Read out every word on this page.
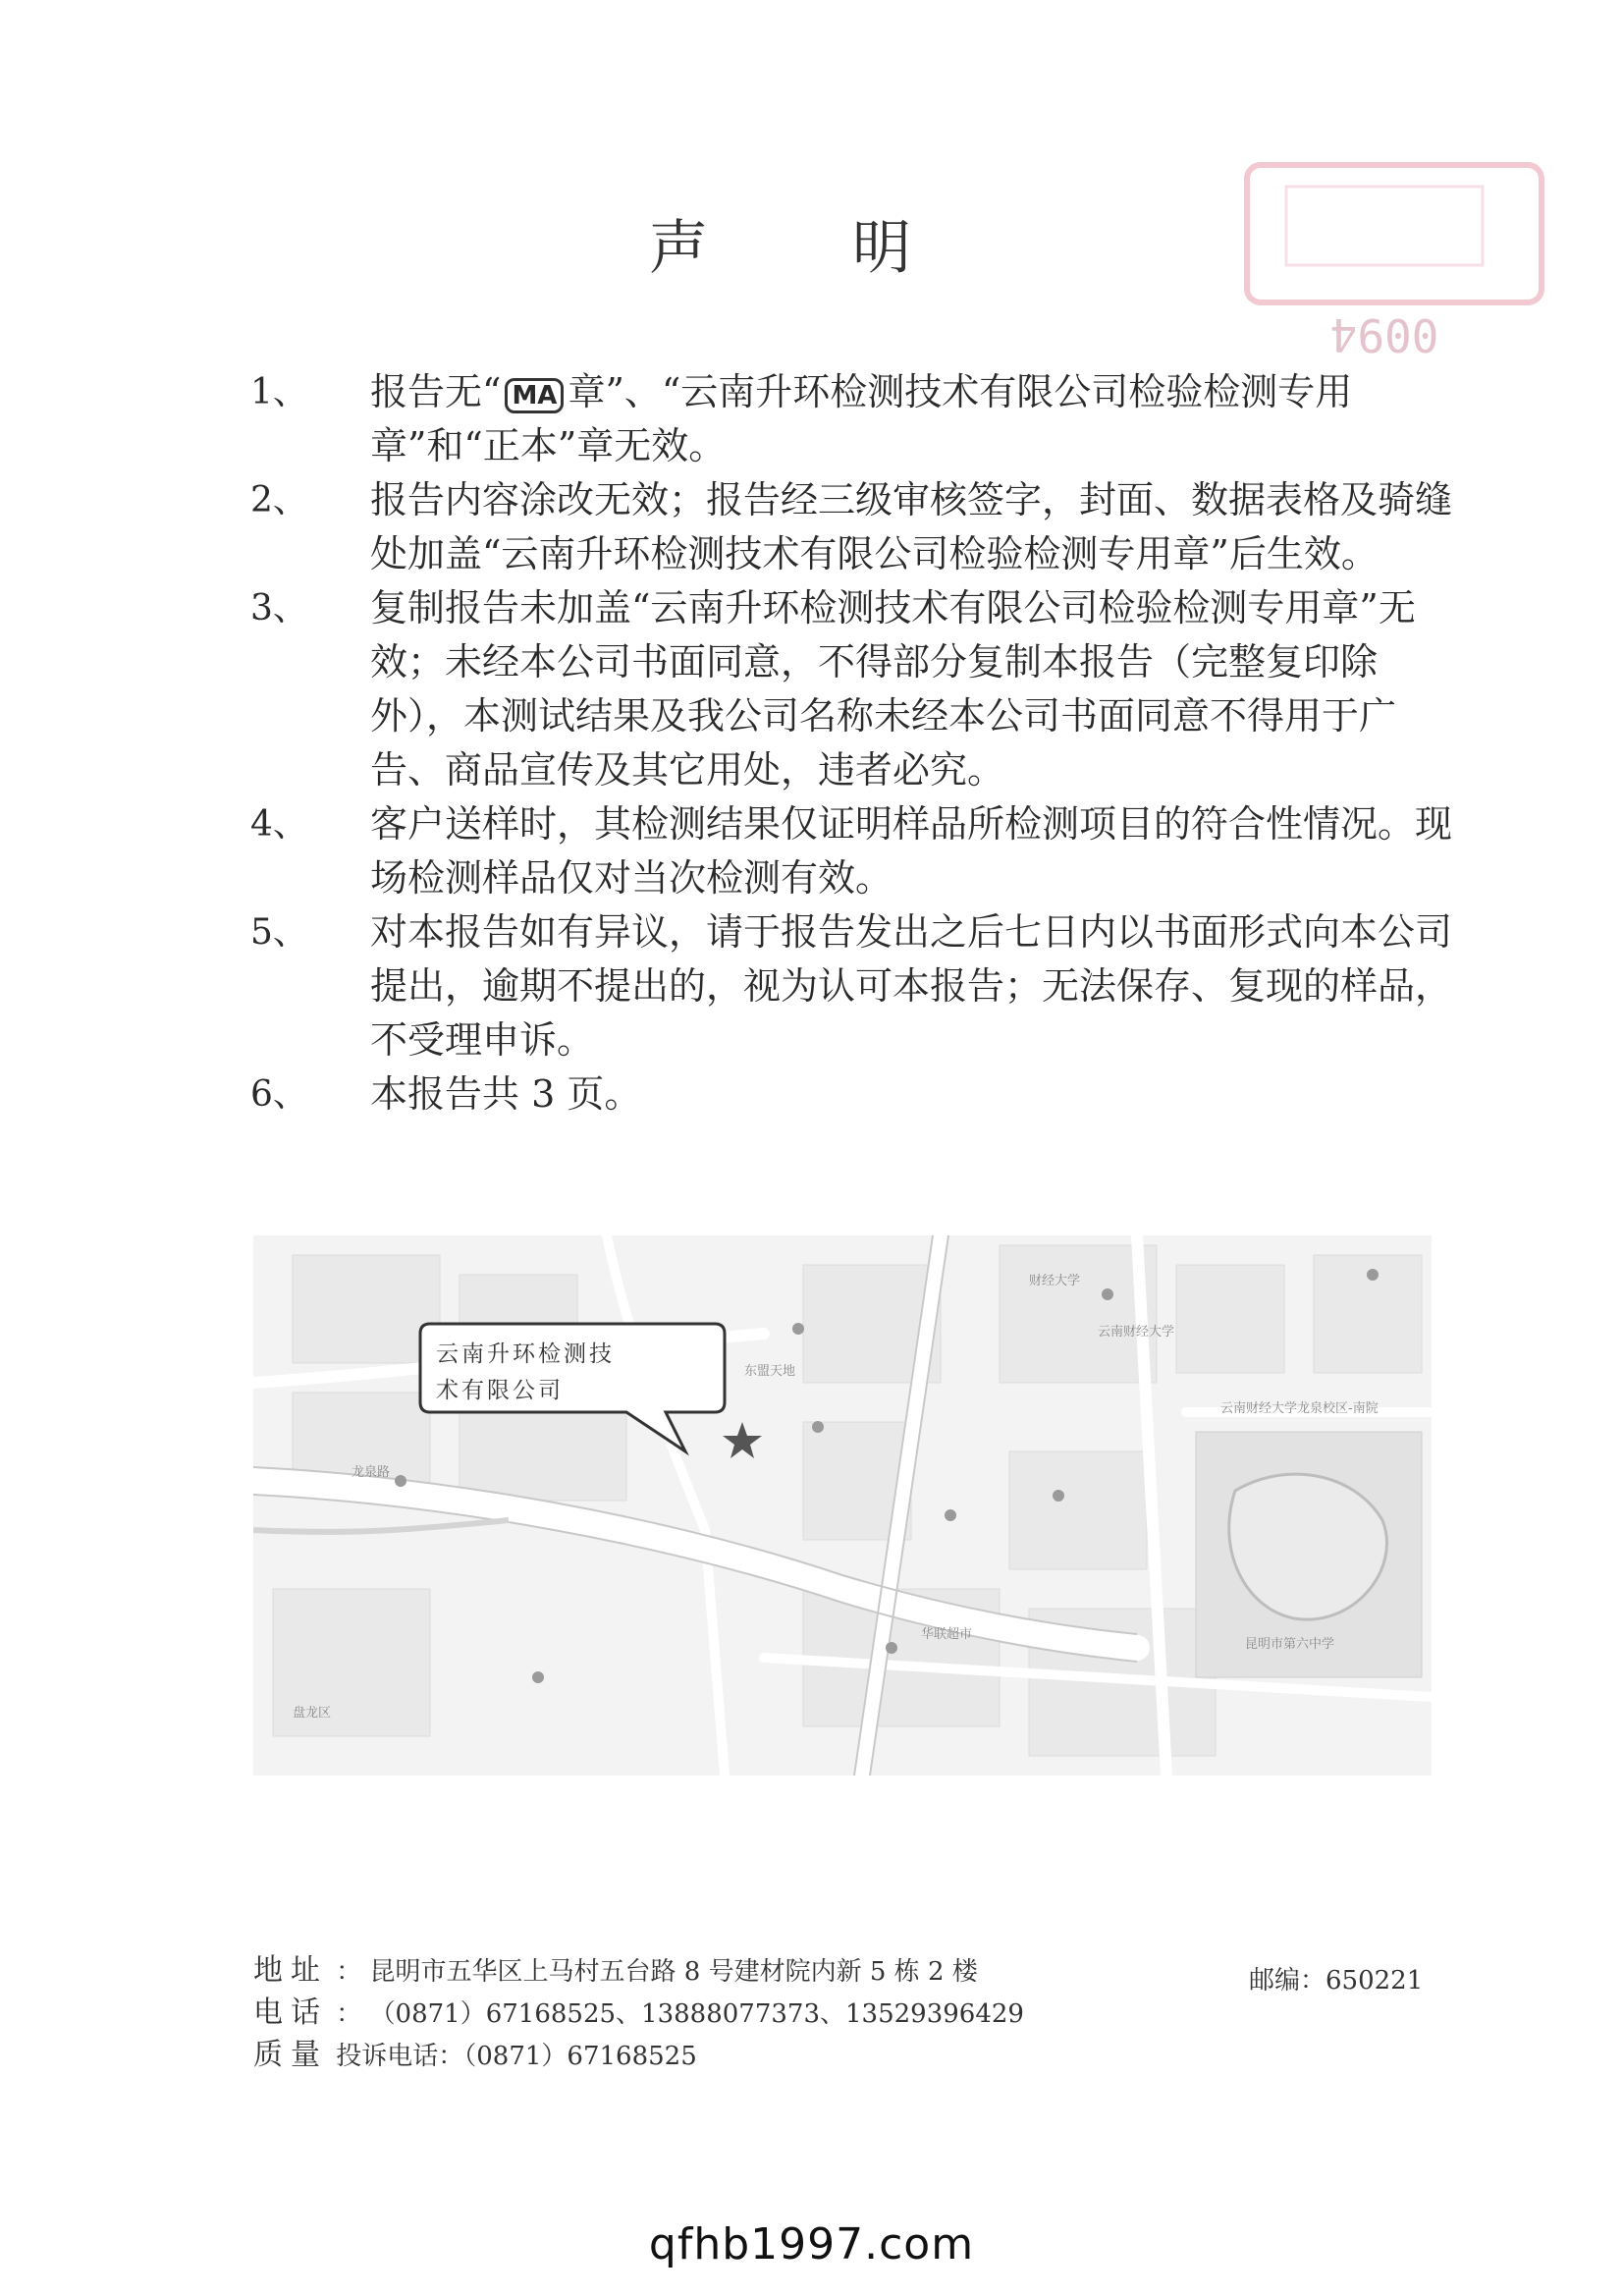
0094
声 明
1、 报告无“ MA 章”、“云南升环检测技术有限公司检验检测专用章”和“正本”章无效。
2、 报告内容涂改无效；报告经三级审核签字，封面、数据表格及骑缝处加盖“云南升环检测技术有限公司检验检测专用章”后生效。
3、 复制报告未加盖“云南升环检测技术有限公司检验检测专用章”无效；未经本公司书面同意，不得部分复制本报告（完整复印除外），本测试结果及我公司名称未经本公司书面同意不得用于广告、商品宣传及其它用处，违者必究。
4、 客户送样时，其检测结果仅证明样品所检测项目的符合性情况。现场检测样品仅对当次检测有效。
5、 对本报告如有异议，请于报告发出之后七日内以书面形式向本公司提出，逾期不提出的，视为认可本报告；无法保存、复现的样品，不受理申诉。
6、 本报告共 3 页。
东盟天地
云南财经大学
财经大学
云南财经大学龙泉校区-南院
昆明市第六中学
华联超市
龙泉路
盘龙区
云南升环检测技
术有限公司
地址 ： 昆明市五华区上马村五台路 8 号建材院内新 5 栋 2 楼
电话 ： （0871）67168525、13888077373、13529396429
质量 投诉电话：（0871）67168525
邮编：650221
qfhb1997.com
